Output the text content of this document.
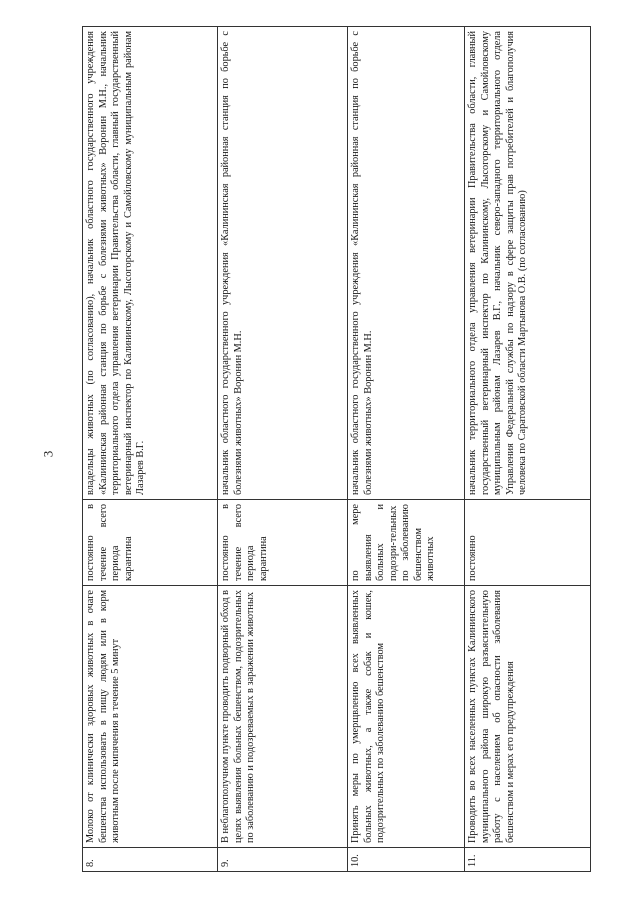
3
8.	Молоко от клинически здоровых животных в очаге бешенства использовать в пищу людям или в корм животным после кипячения в течение 5 минут	постоянно в течение всего периода карантина	владельцы животных (по согласованию), начальник областного государственного учреждения «Калининская районная станция по борьбе с болезнями животных» Воронин М.Н., начальник территориального отдела управления ветеринарии Правительства области, главный государственный ветеринарный инспектор по Калининскому, Лысогорскому и Самойловскому муниципальным районам Лазарев В.Г.
9.	В неблагополучном пункте проводить подворный обход в целях выявления больных бешенством, подозрительных по заболеванию и подозреваемых в заражении животных	постоянно в течение всего периода карантина	начальник областного государственного учреждения «Калининская районная станция по борьбе с болезнями животных» Воронин М.Н.
10.	Принять меры по умерщвлению всех выявленных больных животных, а также собак и кошек, подозрительных по заболеванию бешенством	по мере выявления больных и подозри-тельных по заболеванию бешенством животных	начальник областного государственного учреждения «Калининская районная станция по борьбе с болезнями животных» Воронин М.Н.
11.	Проводить во всех населенных пунктах Калининского муниципального района широкую разъяснительную работу с населением об опасности заболевания бешенством и мерах его предупреждения	постоянно	начальник территориального отдела управления ветеринарии Правительства области, главный государственный ветеринарный инспектор по Калининскому, Лысогорскому и Самойловскому муниципальным районам Лазарев В.Г., начальник северо-западного территориального отдела Управления Федеральной службы по надзору в сфере защиты прав потребителей и благополучия человека по Саратовской области Мартынова О.В. (по согласованию)
